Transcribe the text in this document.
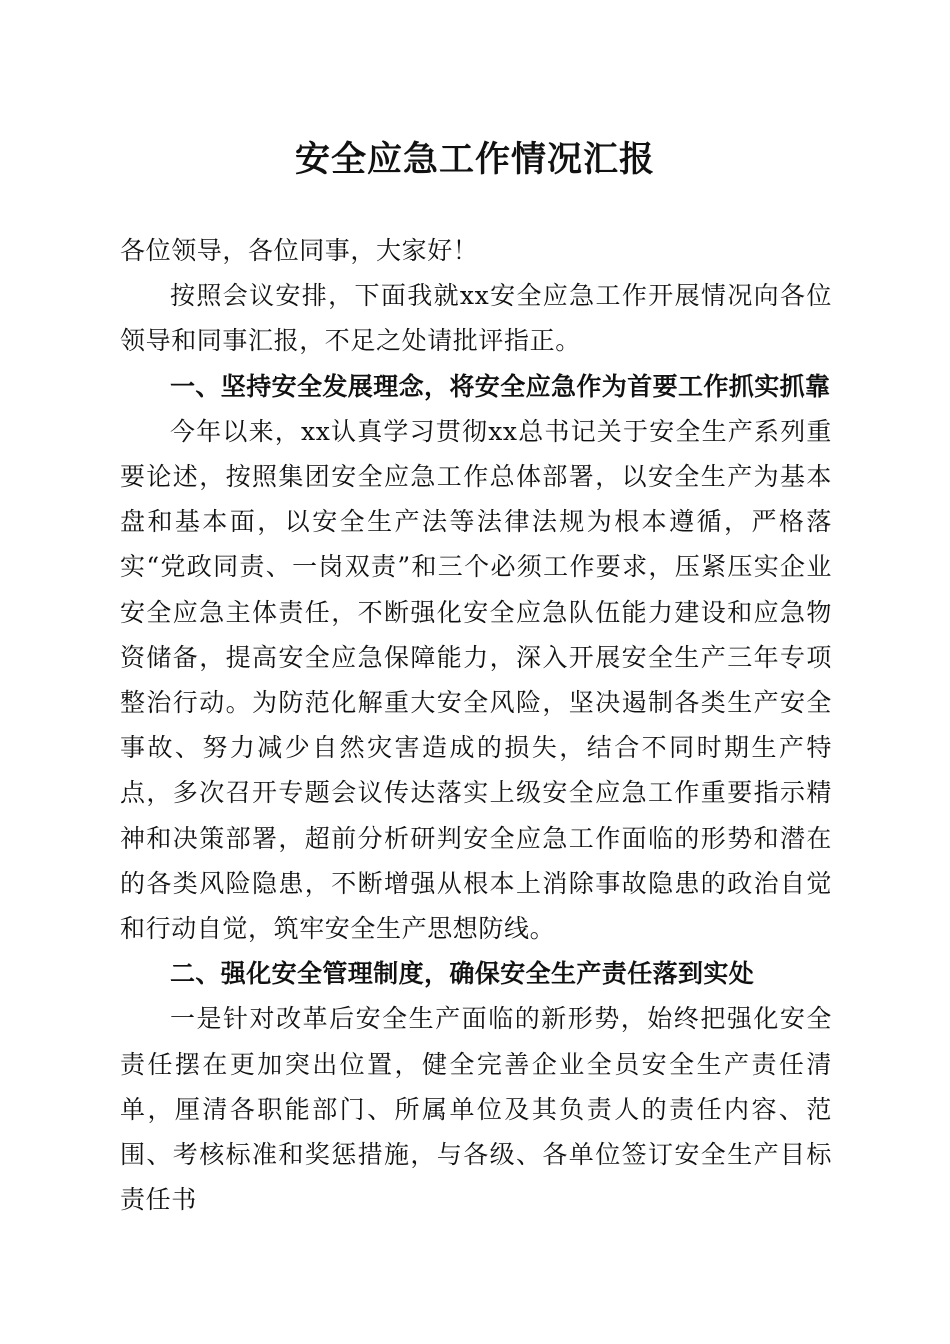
安全应急工作情况汇报

各位领导，各位同事，大家好！

按照会议安排，下面我就xx安全应急工作开展情况向各位领导和同事汇报，不足之处请批评指正。

一、坚持安全发展理念，将安全应急作为首要工作抓实抓靠

今年以来，xx认真学习贯彻xx总书记关于安全生产系列重要论述，按照集团安全应急工作总体部署，以安全生产为基本盘和基本面，以安全生产法等法律法规为根本遵循，严格落实“党政同责、一岗双责”和三个必须工作要求，压紧压实企业安全应急主体责任，不断强化安全应急队伍能力建设和应急物资储备，提高安全应急保障能力，深入开展安全生产三年专项整治行动。为防范化解重大安全风险，坚决遏制各类生产安全事故、努力减少自然灾害造成的损失，结合不同时期生产特点，多次召开专题会议传达落实上级安全应急工作重要指示精神和决策部署，超前分析研判安全应急工作面临的形势和潜在的各类风险隐患，不断增强从根本上消除事故隐患的政治自觉和行动自觉，筑牢安全生产思想防线。

二、强化安全管理制度，确保安全生产责任落到实处

一是针对改革后安全生产面临的新形势，始终把强化安全责任摆在更加突出位置，健全完善企业全员安全生产责任清单，厘清各职能部门、所属单位及其负责人的责任内容、范围、考核标准和奖惩措施，与各级、各单位签订安全生产目标责任书
